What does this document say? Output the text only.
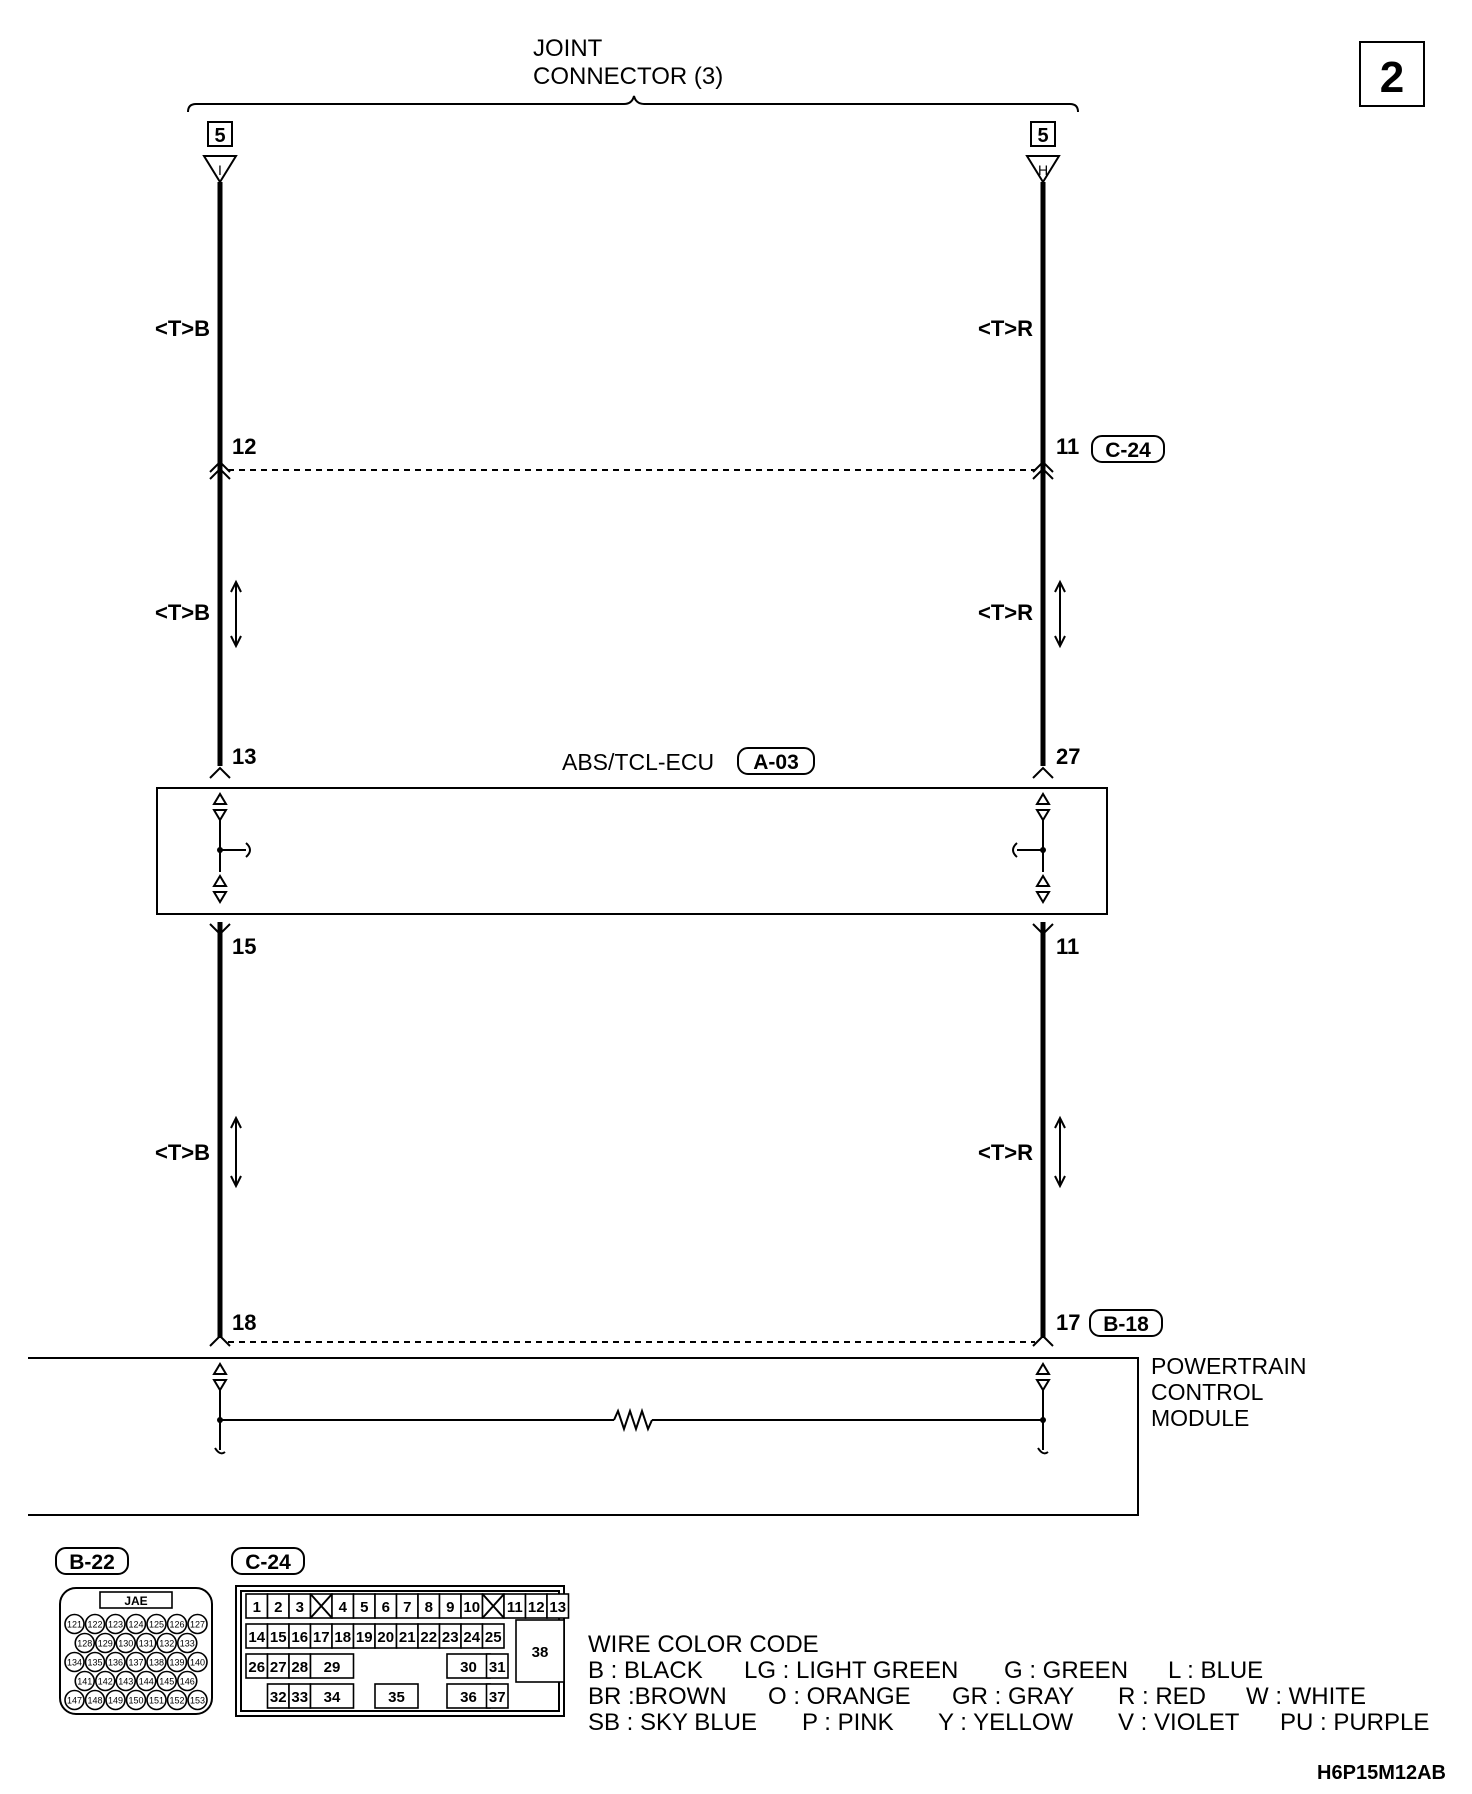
2
JOINT
CONNECTOR (3)
5
I
5
H
<T>B	<T>R
<T>B	<T>R
<T>B	<T>R
12	11 C-24
ABS/TCL-ECU A-03
13	27
15	11
18	17 B-18
POWERTRAIN
CONTROL
MODULE
B-22
JAE
121 122 123 124 125 126 127
128 129 130 131 132 133
134 135 136 137 138 139 140
141 142 143 144 145 146
147 148 149 150 151 152 153
C-24
1 2 3 4 5 6 7 8 9 10 11 12 13
14 15 16 17 18 19 20 21 22 23 24 25
26 27 28 29	30 31
38
32 33 34	35	36 37
WIRE COLOR CODE
B : BLACK LG : LIGHT GREEN G : GREEN L : BLUE
BR :BROWN O : ORANGE GR : GRAY R : RED W : WHITE
SB : SKY BLUE P : PINK Y : YELLOW V : VIOLET PU : PURPLE
H6P15M12AB
